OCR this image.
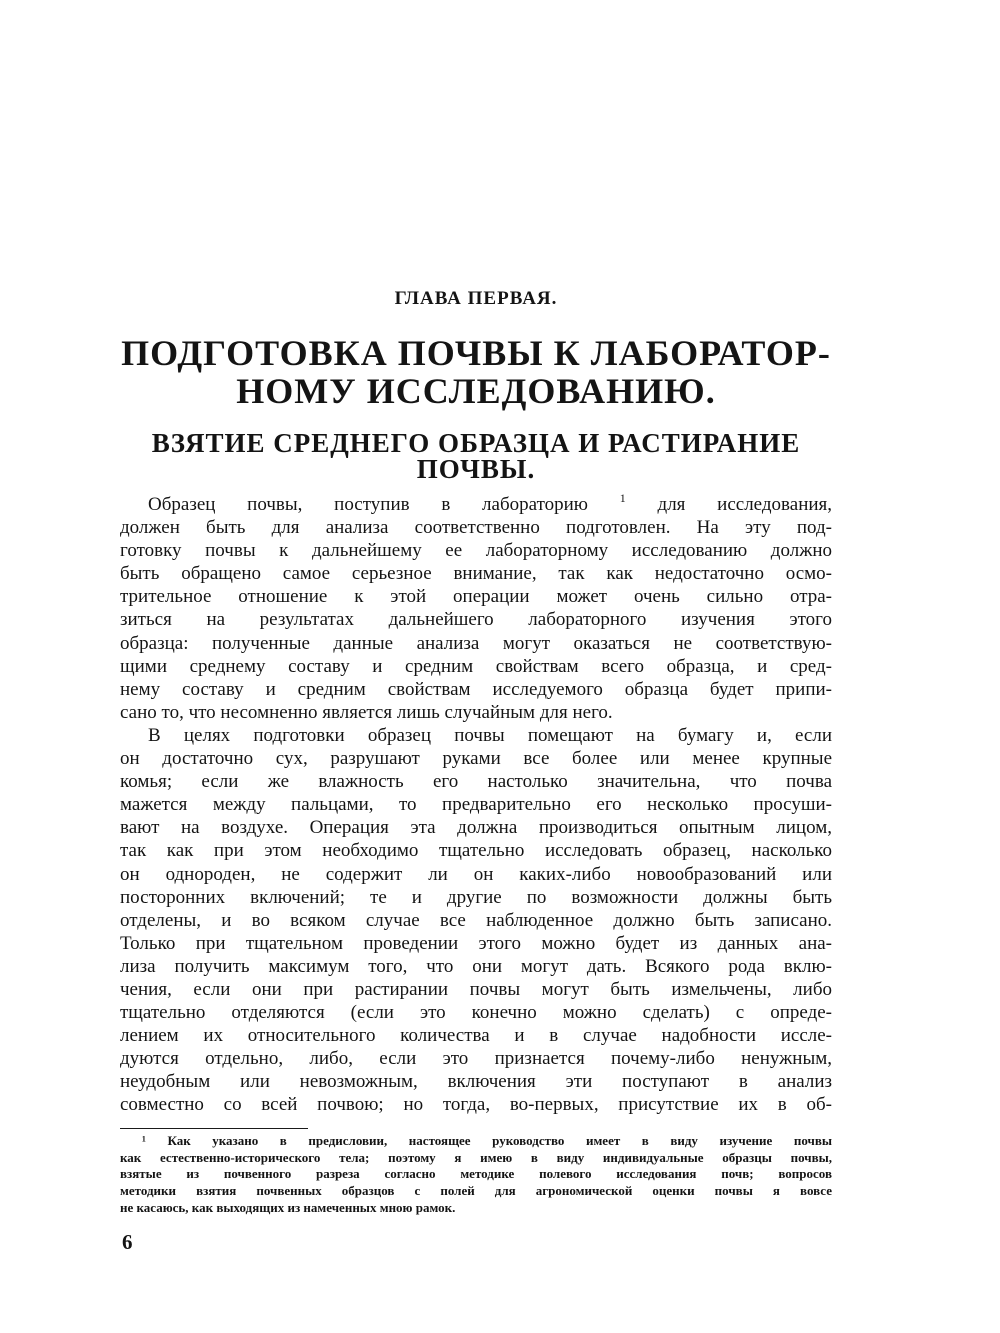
ГЛАВА ПЕРВАЯ.
ПОДГОТОВКА ПОЧВЫ К ЛАБОРАТОР-
НОМУ ИССЛЕДОВАНИЮ.
ВЗЯТИЕ СРЕДНЕГО ОБРАЗЦА И РАСТИРАНИЕ
ПОЧВЫ.
Образец почвы, поступив в лабораторию	$^1$ для исследования,
должен быть для анализа соответственно подготовлен. На эту под-
готовку почвы к дальнейшему ее лабораторному исследованию должно
быть обращено самое серьезное внимание, так как недостаточно осмо-
трительное отношение к этой операции может очень сильно отра-
зиться на результатах дальнейшего лабораторного изучения этого
образца: полученные данные анализа могут оказаться не соответствую-
щими среднему составу и средним свойствам всего образца, и сред-
нему составу и средним свойствам исследуемого образца будет припи-
сано то, что несомненно является лишь случайным для него.
В целях подготовки образец почвы помещают на бумагу и, если
он достаточно сух, разрушают руками все более или менее крупные
комья; если же влажность его настолько значительна, что почва
мажется между пальцами, то предварительно его несколько просуши-
вают на воздухе. Операция эта должна производиться опытным лицом,
так как при этом необходимо тщательно исследовать образец, насколько
он однороден, не содержит ли он каких-либо новообразований или
посторонних включений; те и другие по возможности должны быть
отделены, и во всяком случае все наблюденное должно быть записано.
Только при тщательном проведении этого можно будет из данных ана-
лиза получить максимум того, что они могут дать. Всякого рода вклю-
чения, если они при растирании почвы могут быть измельчены, либо
тщательно отделяются (если это конечно можно сделать) с опреде-
лением их относительного количества и в случае надобности иссле-
дуются отдельно, либо, если это признается почему-либо ненужным,
неудобным или невозможным, включения эти поступают в анализ
совместно со всей почвою; но тогда, во-первых, присутствие их в об-
¹ Как указано в предисловии, настоящее руководство имеет в виду изучение почвы
как естественно-исторического тела; поэтому я имею в виду индивидуальные образцы почвы,
взятые из почвенного разреза согласно методике полевого исследования почв; вопросов
методики взятия почвенных образцов с полей для агрономической оценки почвы я вовсе
не касаюсь, как выходящих из намеченных мною рамок.
6
